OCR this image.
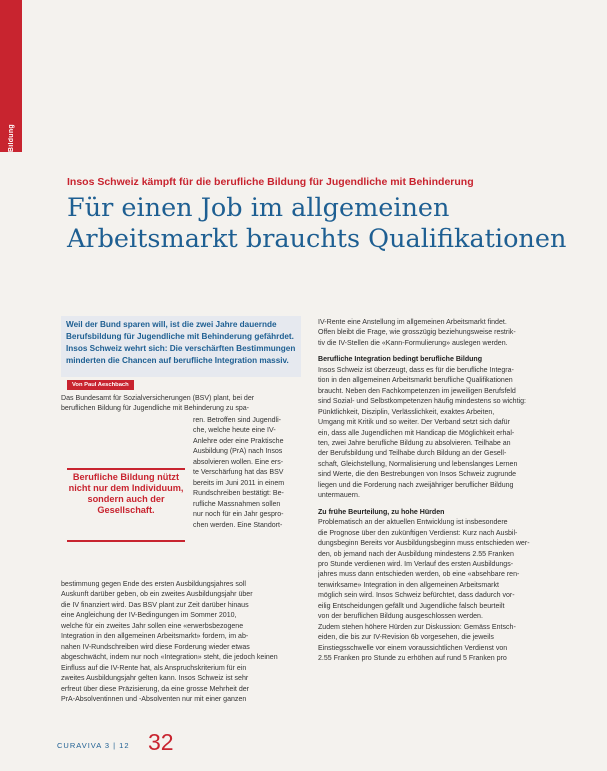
Bildung
Insos Schweiz kämpft für die berufliche Bildung für Jugendliche mit Behinderung
Für einen Job im allgemeinen
Arbeitsmarkt brauchts Qualifikationen

Weil der Bund sparen will, ist die zwei Jahre dauernde Berufsbildung für Jugendliche mit Behinderung gefährdet. Insos Schweiz wehrt sich: Die verschärften Bestimmungen minderten die Chancen auf berufliche Integration massiv.

Von Paul Aeschbach
Das Bundesamt für Sozialversicherungen (BSV) plant, bei der
beruflichen Bildung für Jugendliche mit Behinderung zu spa-
Berufliche Bildung nützt nicht nur dem Individuum, sondern auch der Gesellschaft.
ren. Betroffen sind Jugendli-
che, welche heute eine IV-
Anlehre oder eine Praktische
Ausbildung (PrA) nach Insos
absolvieren wollen. Eine ers-
te Verschärfung hat das BSV
bereits im Juni 2011 in einem
Rundschreiben bestätigt: Be-
rufliche Massnahmen sollen
nur noch für ein Jahr gespro-
chen werden. Eine Standort-
bestimmung gegen Ende des ersten Ausbildungsjahres soll
Auskunft darüber geben, ob ein zweites Ausbildungsjahr über
die IV finanziert wird. Das BSV plant zur Zeit darüber hinaus
eine Angleichung der IV-Bedingungen im Sommer 2010,
welche für ein zweites Jahr sollen eine «erwerbsbezogene
Integration in den allgemeinen Arbeitsmarkt» fordern, im ab-
nahen IV-Rundschreiben wird diese Forderung wieder etwas
abgeschwächt, indem nur noch «Integration» steht, die jedoch keinen
Einfluss auf die IV-Rente hat, als Anspruchskriterium für ein
zweites Ausbildungsjahr gelten kann. Insos Schweiz ist sehr
erfreut über diese Präzisierung, da eine grosse Mehrheit der
PrA-Absolventinnen und -Absolventen nur mit einer ganzen
IV-Rente eine Anstellung im allgemeinen Arbeitsmarkt findet.
Offen bleibt die Frage, wie grosszügig beziehungsweise restrik-
tiv die IV-Stellen die «Kann-Formulierung» auslegen werden.
Berufliche Integration bedingt berufliche Bildung
Insos Schweiz ist überzeugt, dass es für die berufliche Integra-
tion in den allgemeinen Arbeitsmarkt berufliche Qualifikationen
braucht. Neben den Fachkompetenzen im jeweiligen Berufsfeld
sind Sozial- und Selbstkompetenzen häufig mindestens so wichtig:
Pünktlichkeit, Disziplin, Verlässlichkeit, exaktes Arbeiten,
Umgang mit Kritik und so weiter. Der Verband setzt sich dafür
ein, dass alle Jugendlichen mit Handicap die Möglichkeit erhal-
ten, zwei Jahre berufliche Bildung zu absolvieren. Teilhabe an
der Berufsbildung und Teilhabe durch Bildung an der Gesell-
schaft, Gleichstellung, Normalisierung und lebenslanges Lernen
sind Werte, die den Bestrebungen von Insos Schweiz zugrunde
liegen und die Forderung nach zweijähriger beruflicher Bildung
untermauern.
Zu frühe Beurteilung, zu hohe Hürden
Problematisch an der aktuellen Entwicklung ist insbesondere
die Prognose über den zukünftigen Verdienst: Kurz nach Ausbil-
dungsbeginn Bereits vor Ausbildungsbeginn muss entschieden wer-
den, ob jemand nach der Ausbildung mindestens 2.55 Franken
pro Stunde verdienen wird. Im Verlauf des ersten Ausbildungs-
jahres muss dann entschieden werden, ob eine «absehbare ren-
tenwirksame» Integration in den allgemeinen Arbeitsmarkt
möglich sein wird. Insos Schweiz befürchtet, dass dadurch vor-
eilig Entscheidungen gefällt und Jugendliche falsch beurteilt
von der beruflichen Bildung ausgeschlossen werden.
Zudem stehen höhere Hürden zur Diskussion: Gemäss Entsch-
eiden, die bis zur IV-Revision 6b vorgesehen, die jeweils
Einstiegsschwelle vor einem voraussichtlichen Verdienst von
2.55 Franken pro Stunde zu erhöhen auf rund 5 Franken pro
CURAVIVA 3 | 12 32
